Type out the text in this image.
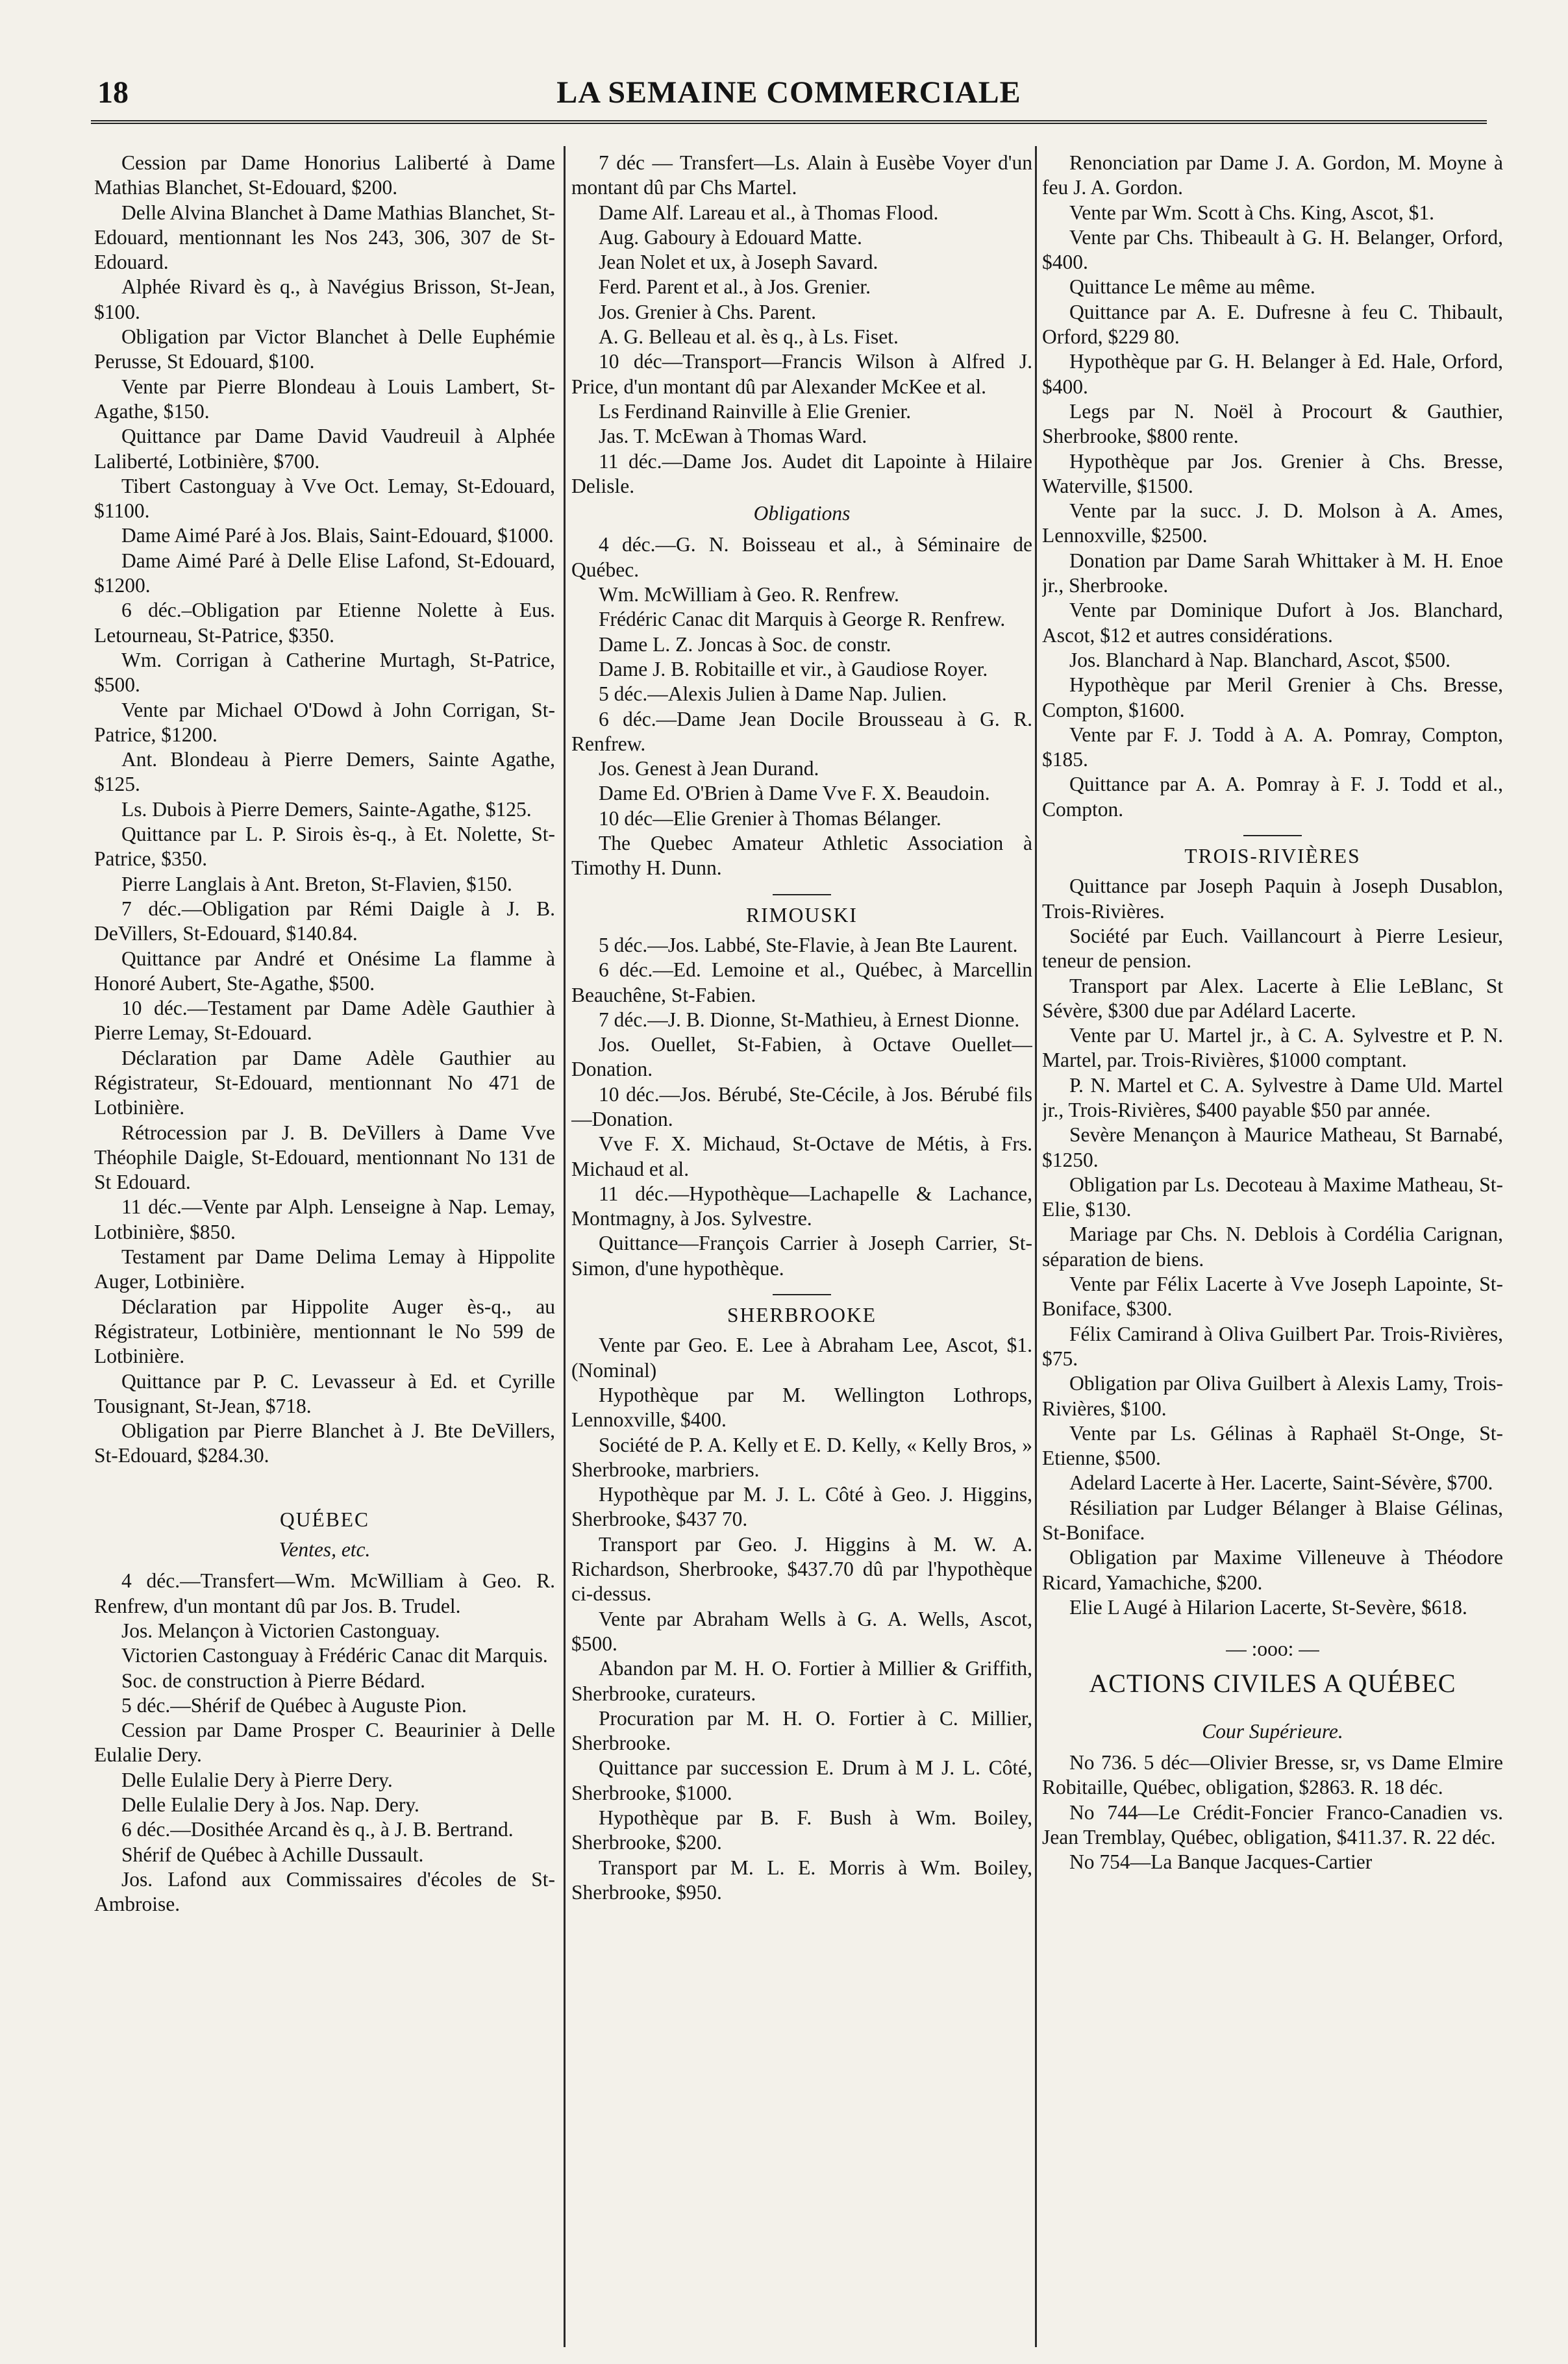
18	LA SEMAINE COMMERCIALE

Cession par Dame Honorius Laliberté à Dame Mathias Blanchet, St-Edouard, $200.

Delle Alvina Blanchet à Dame Mathias Blanchet, St-Edouard, mentionnant les Nos 243, 306, 307 de St-Edouard.

Alphée Rivard ès q., à Navégius Brisson, St-Jean, $100.

Obligation par Victor Blanchet à Delle Euphémie Perusse, St Edouard, $100.

Vente par Pierre Blondeau à Louis Lambert, St-Agathe, $150.

Quittance par Dame David Vaudreuil à Alphée Laliberté, Lotbinière, $700.

Tibert Castonguay à Vve Oct. Lemay, St-Edouard, $1100.

Dame Aimé Paré à Jos. Blais, Saint-Edouard, $1000.

Dame Aimé Paré à Delle Elise Lafond, St-Edouard, $1200.

6 déc.–Obligation par Etienne Nolette à Eus. Letourneau, St-Patrice, $350.

Wm. Corrigan à Catherine Murtagh, St-Patrice, $500.

Vente par Michael O'Dowd à John Corrigan, St-Patrice, $1200.

Ant. Blondeau à Pierre Demers, Sainte Agathe, $125.

Ls. Dubois à Pierre Demers, Sainte-Agathe, $125.

Quittance par L. P. Sirois ès-q., à Et. Nolette, St-Patrice, $350.

Pierre Langlais à Ant. Breton, St-Flavien, $150.

7 déc.—Obligation par Rémi Daigle à J. B. DeVillers, St-Edouard, $140.84.

Quittance par André et Onésime La flamme à Honoré Aubert, Ste-Agathe, $500.

10 déc.—Testament par Dame Adèle Gauthier à Pierre Lemay, St-Edouard.

Déclaration par Dame Adèle Gauthier au Régistrateur, St-Edouard, mentionnant No 471 de Lotbinière.

Rétrocession par J. B. DeVillers à Dame Vve Théophile Daigle, St-Edouard, mentionnant No 131 de St Edouard.

11 déc.—Vente par Alph. Lenseigne à Nap. Lemay, Lotbinière, $850.

Testament par Dame Delima Lemay à Hippolite Auger, Lotbinière.

Déclaration par Hippolite Auger ès-q., au Régistrateur, Lotbinière, mentionnant le No 599 de Lotbinière.

Quittance par P. C. Levasseur à Ed. et Cyrille Tousignant, St-Jean, $718.

Obligation par Pierre Blanchet à J. Bte DeVillers, St-Edouard, $284.30.

QUÉBEC

Ventes, etc.

4 déc.—Transfert—Wm. McWilliam à Geo. R. Renfrew, d'un montant dû par Jos. B. Trudel.

Jos. Melançon à Victorien Castonguay.

Victorien Castonguay à Frédéric Canac dit Marquis.

Soc. de construction à Pierre Bédard.

5 déc.—Shérif de Québec à Auguste Pion.

Cession par Dame Prosper C. Beaurinier à Delle Eulalie Dery.

Delle Eulalie Dery à Pierre Dery.

Delle Eulalie Dery à Jos. Nap. Dery.

6 déc.—Dosithée Arcand ès q., à J. B. Bertrand.

Shérif de Québec à Achille Dussault.

Jos. Lafond aux Commissaires d'écoles de St-Ambroise.

7 déc — Transfert—Ls. Alain à Eusèbe Voyer d'un montant dû par Chs Martel.

Dame Alf. Lareau et al., à Thomas Flood.

Aug. Gaboury à Edouard Matte.

Jean Nolet et ux, à Joseph Savard.

Ferd. Parent et al., à Jos. Grenier.

Jos. Grenier à Chs. Parent.

A. G. Belleau et al. ès q., à Ls. Fiset.

10 déc—Transport—Francis Wilson à Alfred J. Price, d'un montant dû par Alexander McKee et al.

Ls Ferdinand Rainville à Elie Grenier.

Jas. T. McEwan à Thomas Ward.

11 déc.—Dame Jos. Audet dit Lapointe à Hilaire Delisle.

Obligations

4 déc.—G. N. Boisseau et al., à Séminaire de Québec.

Wm. McWilliam à Geo. R. Renfrew.

Frédéric Canac dit Marquis à George R. Renfrew.

Dame L. Z. Joncas à Soc. de constr.

Dame J. B. Robitaille et vir., à Gaudiose Royer.

5 déc.—Alexis Julien à Dame Nap. Julien.

6 déc.—Dame Jean Docile Brousseau à G. R. Renfrew.

Jos. Genest à Jean Durand.

Dame Ed. O'Brien à Dame Vve F. X. Beaudoin.

10 déc—Elie Grenier à Thomas Bélanger.

The Quebec Amateur Athletic Association à Timothy H. Dunn.

RIMOUSKI

5 déc.—Jos. Labbé, Ste-Flavie, à Jean Bte Laurent.

6 déc.—Ed. Lemoine et al., Québec, à Marcellin Beauchêne, St-Fabien.

7 déc.—J. B. Dionne, St-Mathieu, à Ernest Dionne.

Jos. Ouellet, St-Fabien, à Octave Ouellet—Donation.

10 déc.—Jos. Bérubé, Ste-Cécile, à Jos. Bérubé fils—Donation.

Vve F. X. Michaud, St-Octave de Métis, à Frs. Michaud et al.

11 déc.—Hypothèque—Lachapelle & Lachance, Montmagny, à Jos. Sylvestre.

Quittance—François Carrier à Joseph Carrier, St-Simon, d'une hypothèque.

SHERBROOKE

Vente par Geo. E. Lee à Abraham Lee, Ascot, $1. (Nominal)

Hypothèque par M. Wellington Lothrops, Lennoxville, $400.

Société de P. A. Kelly et E. D. Kelly, « Kelly Bros, » Sherbrooke, marbriers.

Hypothèque par M. J. L. Côté à Geo. J. Higgins, Sherbrooke, $437 70.

Transport par Geo. J. Higgins à M. W. A. Richardson, Sherbrooke, $437.70 dû par l'hypothèque ci-dessus.

Vente par Abraham Wells à G. A. Wells, Ascot, $500.

Abandon par M. H. O. Fortier à Millier & Griffith, Sherbrooke, curateurs.

Procuration par M. H. O. Fortier à C. Millier, Sherbrooke.

Quittance par succession E. Drum à M J. L. Côté, Sherbrooke, $1000.

Hypothèque par B. F. Bush à Wm. Boiley, Sherbrooke, $200.

Transport par M. L. E. Morris à Wm. Boiley, Sherbrooke, $950.

Renonciation par Dame J. A. Gordon, M. Moyne à feu J. A. Gordon.

Vente par Wm. Scott à Chs. King, Ascot, $1.

Vente par Chs. Thibeault à G. H. Belanger, Orford, $400.

Quittance Le même au même.

Quittance par A. E. Dufresne à feu C. Thibault, Orford, $229 80.

Hypothèque par G. H. Belanger à Ed. Hale, Orford, $400.

Legs par N. Noël à Procourt & Gauthier, Sherbrooke, $800 rente.

Hypothèque par Jos. Grenier à Chs. Bresse, Waterville, $1500.

Vente par la succ. J. D. Molson à A. Ames, Lennoxville, $2500.

Donation par Dame Sarah Whittaker à M. H. Enoe jr., Sherbrooke.

Vente par Dominique Dufort à Jos. Blanchard, Ascot, $12 et autres considérations.

Jos. Blanchard à Nap. Blanchard, Ascot, $500.

Hypothèque par Meril Grenier à Chs. Bresse, Compton, $1600.

Vente par F. J. Todd à A. A. Pomray, Compton, $185.

Quittance par A. A. Pomray à F. J. Todd et al., Compton.

TROIS-RIVIÈRES

Quittance par Joseph Paquin à Joseph Dusablon, Trois-Rivières.

Société par Euch. Vaillancourt à Pierre Lesieur, teneur de pension.

Transport par Alex. Lacerte à Elie LeBlanc, St Sévère, $300 due par Adélard Lacerte.

Vente par U. Martel jr., à C. A. Sylvestre et P. N. Martel, par. Trois-Rivières, $1000 comptant.

P. N. Martel et C. A. Sylvestre à Dame Uld. Martel jr., Trois-Rivières, $400 payable $50 par année.

Sevère Menançon à Maurice Matheau, St Barnabé, $1250.

Obligation par Ls. Decoteau à Maxime Matheau, St-Elie, $130.

Mariage par Chs. N. Deblois à Cordélia Carignan, séparation de biens.

Vente par Félix Lacerte à Vve Joseph Lapointe, St-Boniface, $300.

Félix Camirand à Oliva Guilbert Par. Trois-Rivières, $75.

Obligation par Oliva Guilbert à Alexis Lamy, Trois-Rivières, $100.

Vente par Ls. Gélinas à Raphaël St-Onge, St-Etienne, $500.

Adelard Lacerte à Her. Lacerte, Saint-Sévère, $700.

Résiliation par Ludger Bélanger à Blaise Gélinas, St-Boniface.

Obligation par Maxime Villeneuve à Théodore Ricard, Yamachiche, $200.

Elie L Augé à Hilarion Lacerte, St-Sevère, $618.

— :ooo: —

ACTIONS CIVILES A QUÉBEC

Cour Supérieure.

No 736. 5 déc—Olivier Bresse, sr, vs Dame Elmire Robitaille, Québec, obligation, $2863. R. 18 déc.

No 744—Le Crédit-Foncier Franco-Canadien vs. Jean Tremblay, Québec, obligation, $411.37. R. 22 déc.

No 754—La Banque Jacques-Cartier
